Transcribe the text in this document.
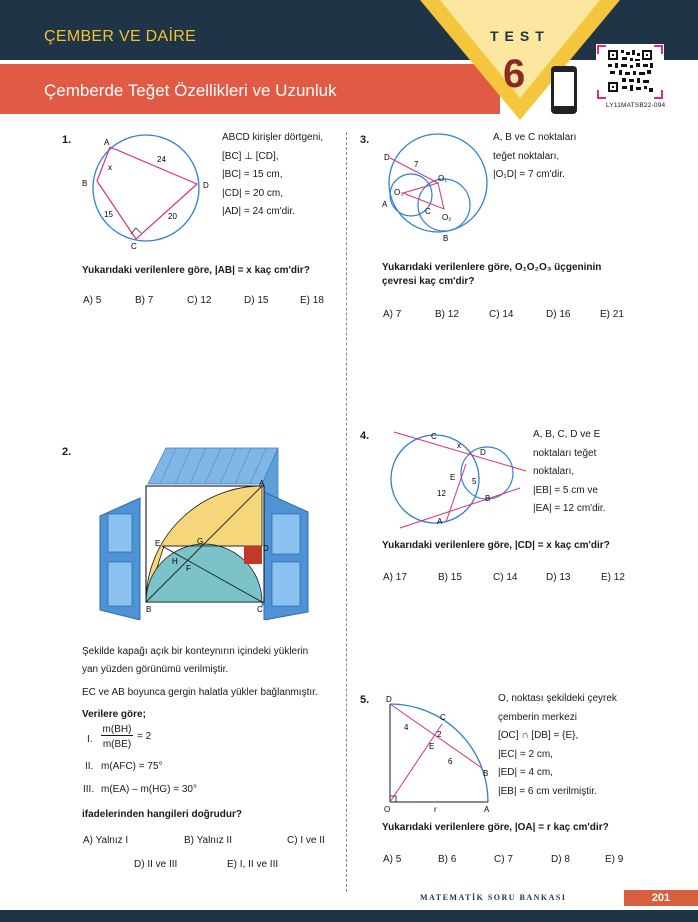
ÇEMBER VE DAİRE
Çemberde Teğet Özellikleri ve Uzunluk
TEST
6
LY11MATSB22-094
1.	A
B
C
D
x
24
15	20
ABCD kirişler dörtgeni,
[BC] ⊥ [CD],
|BC| = 15 cm,
|CD| = 20 cm,
|AD| = 24 cm'dir.
Yukarıdaki verilenlere göre, |AB| = x kaç cm'dir?
A) 5	B) 7	C) 12	D) 15	E) 18
2.
A
B	C
D
E	G
H
F
Şekilde kapağı açık bir konteynırın içindeki yüklerin
yan yüzden görünümü verilmiştir.
EC ve AB boyunca gergin halatla yükler bağlanmıştır.
Verilere göre;
I.
m(BH)
m(BE)
= 2
II. m(AFC) = 75°
III. m(EA) – m(HG) = 30°
ifadelerinden hangileri doğrudur?
A) Yalnız I	B) Yalnız II	C) I ve II
D) II ve III	E) I, II ve III
3.
D
7
O₁
O₃
A
C
O₂
B
A, B ve C noktaları
teğet noktaları,
|O₁D| = 7 cm'dir.
Yukarıdaki verilenlere göre, O₁O₂O₃ üçgeninin
çevresi kaç cm'dir?
A) 7	B) 12	C) 14	D) 16	E) 21
4.	C
x
D
E 5
12
B
A
A, B, C, D ve E
noktaları teğet
noktaları,
|EB| = 5 cm ve
|EA| = 12 cm'dir.
Yukarıdaki verilenlere göre, |CD| = x kaç cm'dir?
A) 17	B) 15	C) 14	D) 13	E) 12
5. D
C
4
2
E
6
B
O	r	A
O, noktası şekildeki çeyrek
çemberin merkezi
[OC] ∩ [DB] = {E},
|EC| = 2 cm,
|ED| = 4 cm,
|EB| = 6 cm verilmiştir.
Yukarıdaki verilenlere göre, |OA| = r kaç cm'dir?
A) 5	B) 6	C) 7	D) 8	E) 9
MATEMATİK SORU BANKASI	201
